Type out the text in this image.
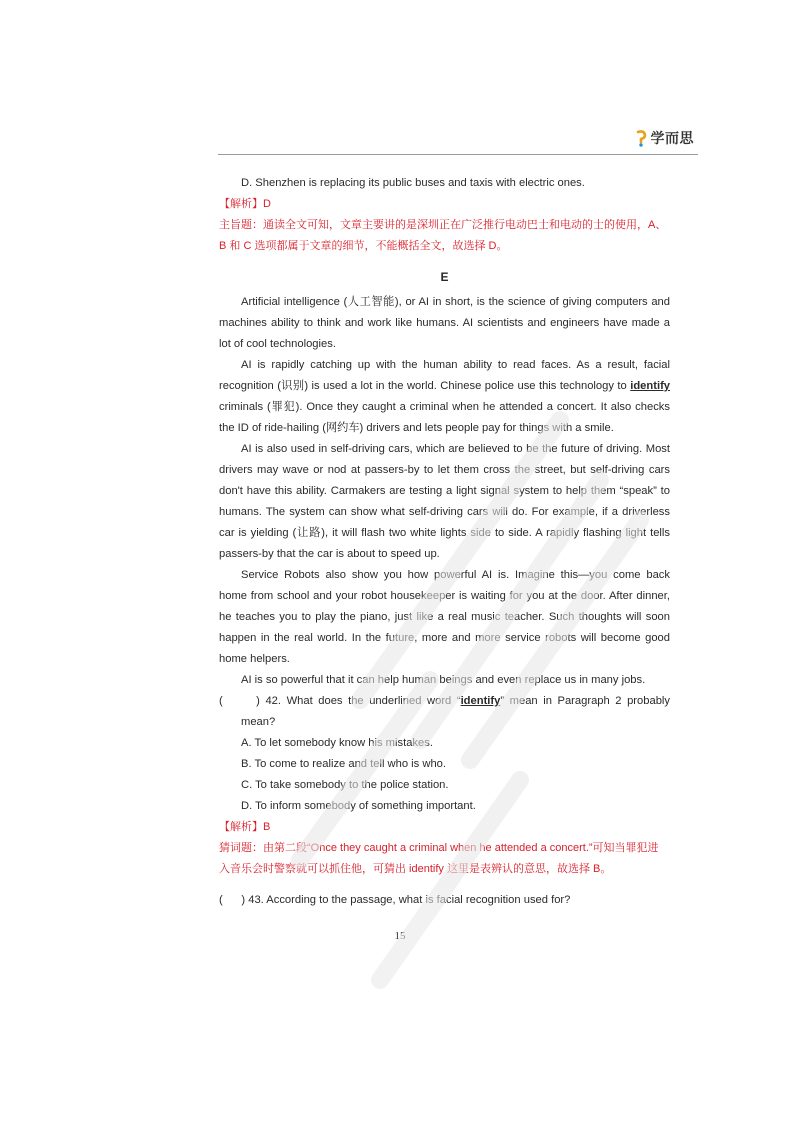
学而思
D. Shenzhen is replacing its public buses and taxis with electric ones.
【解析】D
主旨题：通读全文可知，文章主要讲的是深圳正在广泛推行电动巴士和电动的士的使用，A、
B 和 C 选项都属于文章的细节，不能概括全文，故选择 D。
E
Artificial intelligence (人工智能), or AI in short, is the science of giving computers and
machines ability to think and work like humans. AI scientists and engineers have made a
lot of cool technologies.
AI is rapidly catching up with the human ability to read faces. As a result, facial
recognition (识别) is used a lot in the world. Chinese police use this technology to identify
criminals (罪犯). Once they caught a criminal when he attended a concert. It also checks
the ID of ride-hailing (网约车) drivers and lets people pay for things with a smile.
AI is also used in self-driving cars, which are believed to be the future of driving. Most
drivers may wave or nod at passers-by to let them cross the street, but self-driving cars
don't have this ability. Carmakers are testing a light signal system to help them “speak” to
humans. The system can show what self-driving cars will do. For example, if a driverless
car is yielding (让路), it will flash two white lights side to side. A rapidly flashing light tells
passers-by that the car is about to speed up.
Service Robots also show you how powerful AI is. Imagine this—you come back
home from school and your robot housekeeper is waiting for you at the door. After dinner,
he teaches you to play the piano, just like a real music teacher. Such thoughts will soon
happen in the real world. In the future, more and more service robots will become good
home helpers.
AI is so powerful that it can help human beings and even replace us in many jobs.
(      ) 42. What does the underlined word “identify” mean in Paragraph 2 probably
mean?
A. To let somebody know his mistakes.
B. To come to realize and tell who is who.
C. To take somebody to the police station.
D. To inform somebody of something important.
【解析】B
猜词题：由第二段“Once they caught a criminal when he attended a concert.”可知当罪犯进
入音乐会时警察就可以抓住他，可猜出 identify 这里是表辨认的意思，故选择 B。
(      ) 43. According to the passage, what is facial recognition used for?
15
